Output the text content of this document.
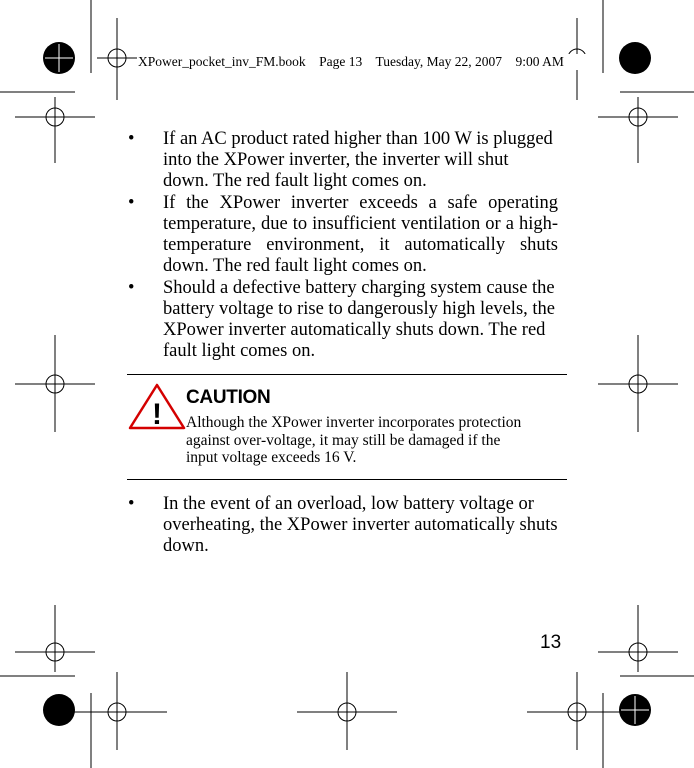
XPower_pocket_inv_FM.book    Page 13    Tuesday, May 22, 2007    9:00 AM
• If an AC product rated higher than 100 W is plugged into the XPower inverter, the inverter will shut down. The red fault light comes on.
• If the XPower inverter exceeds a safe operating temperature, due to insufficient ventilation or a high-temperature environment, it automatically shuts down. The red fault light comes on.
• Should a defective battery charging system cause the battery voltage to rise to dangerously high levels, the XPower inverter automatically shuts down. The red fault light comes on.
!
CAUTION
Although the XPower inverter incorporates protection against over-voltage, it may still be damaged if the input voltage exceeds 16 V.
• In the event of an overload, low battery voltage or overheating, the XPower inverter automatically shuts down.
13
